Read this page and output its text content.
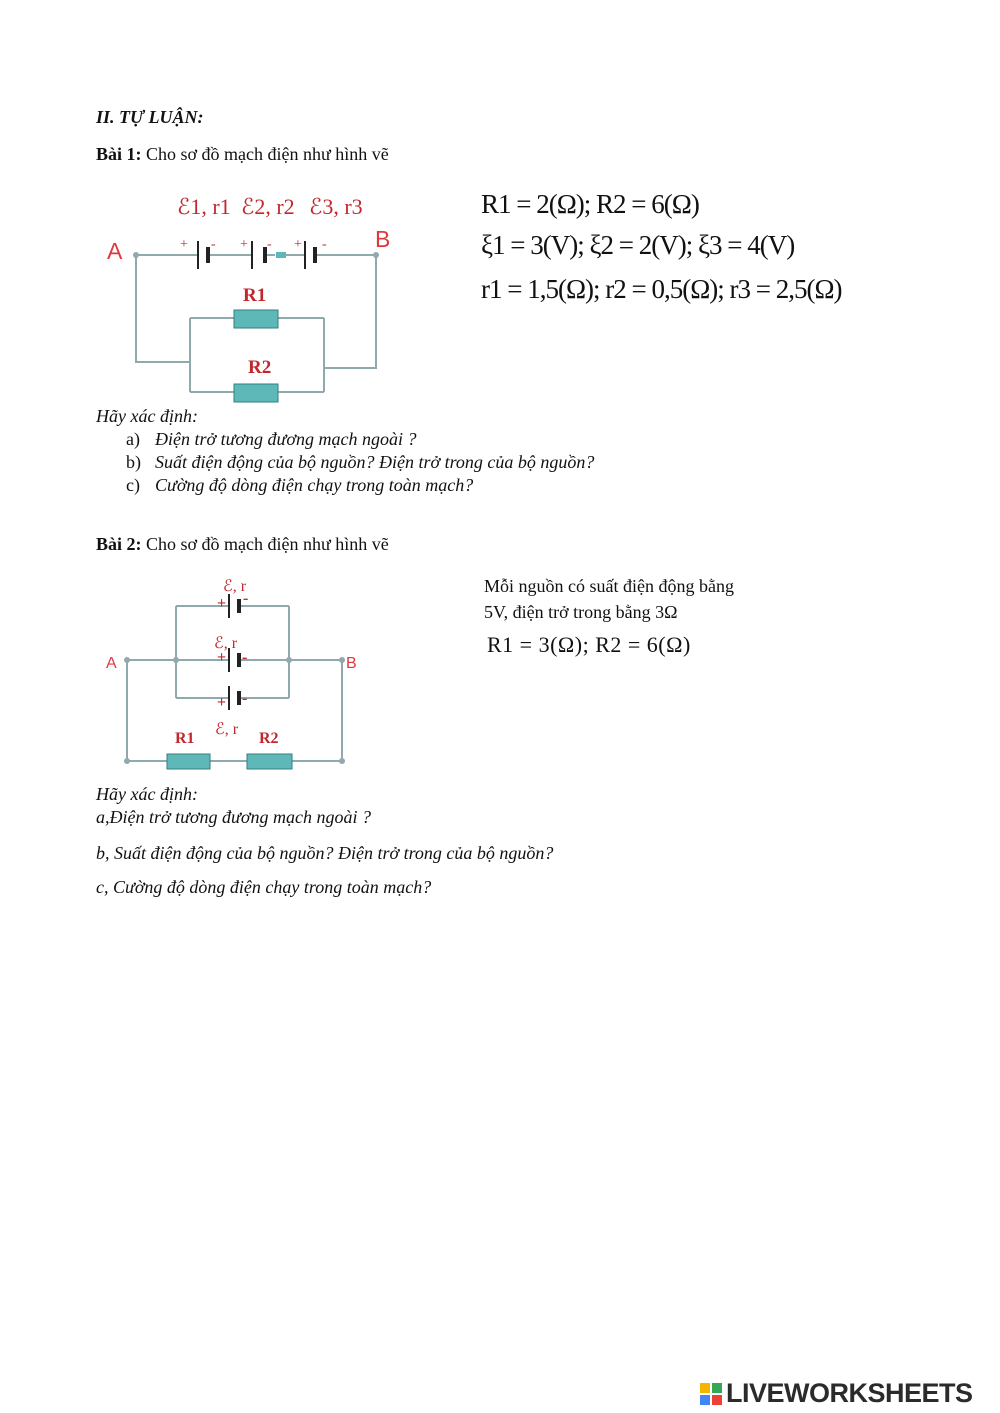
II. TỰ LUẬN:
Bài 1: Cho sơ đồ mạch điện như hình vẽ
+ - + - + -
ℰ1, r1 ℰ2, r2 ℰ3, r3
A	B
R1
R2
R1 = 2(Ω); R2 = 6(Ω)
ξ1 = 3(V); ξ2 = 2(V); ξ3 = 4(V)
r1 = 1,5(Ω); r2 = 0,5(Ω); r3 = 2,5(Ω)
Hãy xác định:
a) Điện trở tương đương mạch ngoài ?
b) Suất điện động của bộ nguồn? Điện trở trong của bộ nguồn?
c) Cường độ dòng điện chạy trong toàn mạch?
Bài 2: Cho sơ đồ mạch điện như hình vẽ
+ -
+ -
+ -
ℰ, r
ℰ, r
ℰ, r
A	B
R1	R2
Mỗi nguồn có suất điện động bằng
5V, điện trở trong bằng 3Ω
R1 = 3(Ω); R2 = 6(Ω)
Hãy xác định:
a,Điện trở tương đương mạch ngoài ?
b, Suất điện động của bộ nguồn? Điện trở trong của bộ nguồn?
c, Cường độ dòng điện chạy trong toàn mạch?
LIVEWORKSHEETS
